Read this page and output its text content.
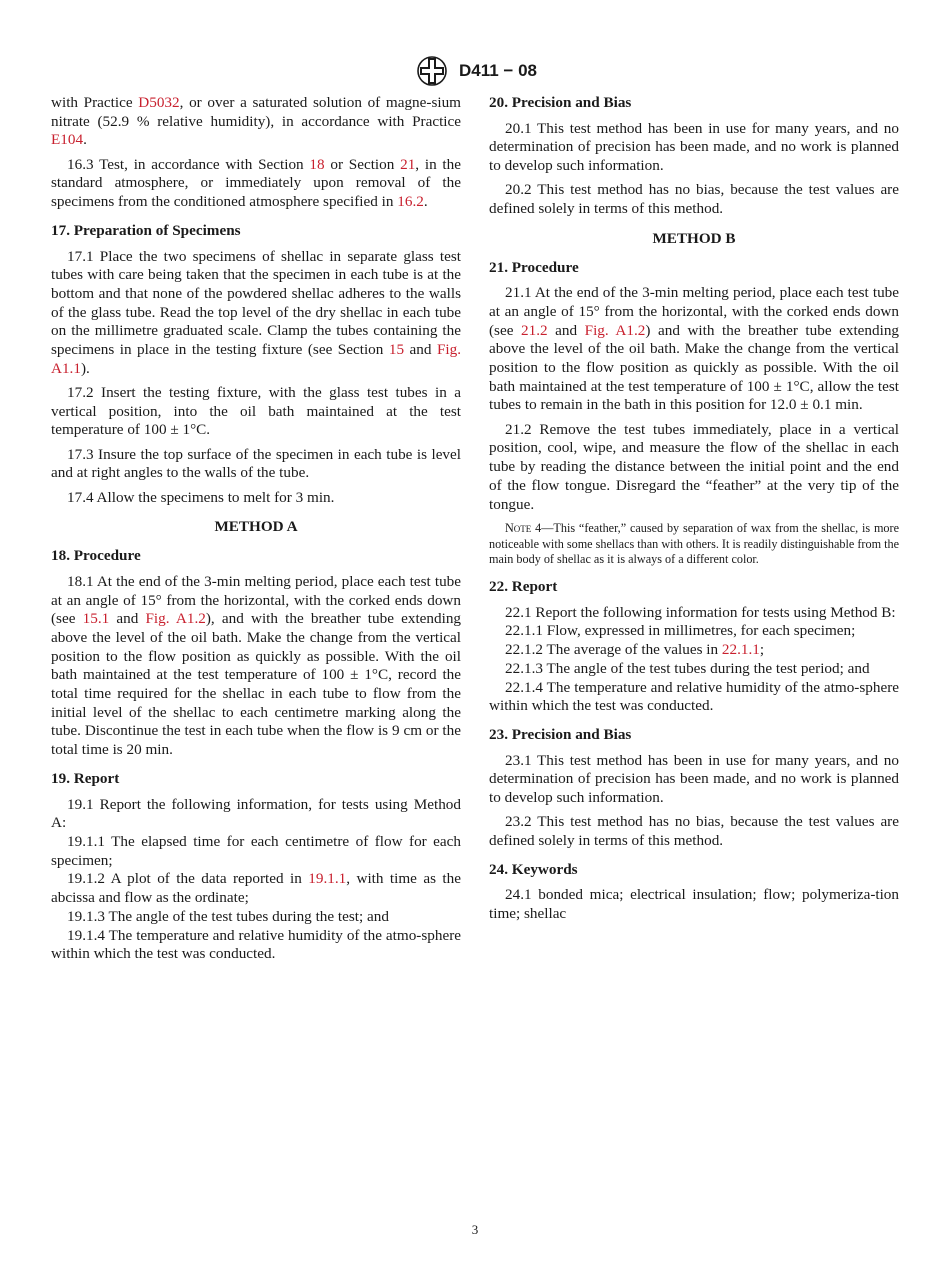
D411 − 08

with Practice D5032, or over a saturated solution of magne-sium nitrate (52.9 % relative humidity), in accordance with Practice E104.

16.3 Test, in accordance with Section 18 or Section 21, in the standard atmosphere, or immediately upon removal of the specimens from the conditioned atmosphere specified in 16.2.

17. Preparation of Specimens

17.1 Place the two specimens of shellac in separate glass test tubes with care being taken that the specimen in each tube is at the bottom and that none of the powdered shellac adheres to the walls of the glass tube. Read the top level of the dry shellac in each tube on the millimetre graduated scale. Clamp the tubes containing the specimens in place in the testing fixture (see Section 15 and Fig. A1.1).

17.2 Insert the testing fixture, with the glass test tubes in a vertical position, into the oil bath maintained at the test temperature of 100 ± 1°C.

17.3 Insure the top surface of the specimen in each tube is level and at right angles to the walls of the tube.

17.4 Allow the specimens to melt for 3 min.

METHOD A
18. Procedure

18.1 At the end of the 3-min melting period, place each test tube at an angle of 15° from the horizontal, with the corked ends down (see 15.1 and Fig. A1.2), and with the breather tube extending above the level of the oil bath. Make the change from the vertical position to the flow position as quickly as possible. With the oil bath maintained at the test temperature of 100 ± 1°C, record the total time required for the shellac in each tube to flow from the initial level of the shellac to each centimetre marking along the tube. Discontinue the test in each tube when the flow is 9 cm or the total time is 20 min.

19. Report

19.1 Report the following information, for tests using Method A:

19.1.1 The elapsed time for each centimetre of flow for each specimen;

19.1.2 A plot of the data reported in 19.1.1, with time as the abcissa and flow as the ordinate;

19.1.3 The angle of the test tubes during the test; and

19.1.4 The temperature and relative humidity of the atmo-sphere within which the test was conducted.

20. Precision and Bias

20.1 This test method has been in use for many years, and no determination of precision has been made, and no work is planned to develop such information.

20.2 This test method has no bias, because the test values are defined solely in terms of this method.

METHOD B
21. Procedure

21.1 At the end of the 3-min melting period, place each test tube at an angle of 15° from the horizontal, with the corked ends down (see 21.2 and Fig. A1.2) and with the breather tube extending above the level of the oil bath. Make the change from the vertical position to the flow position as quickly as possible. With the oil bath maintained at the test temperature of 100 ± 1°C, allow the test tubes to remain in the bath in this position for 12.0 ± 0.1 min.

21.2 Remove the test tubes immediately, place in a vertical position, cool, wipe, and measure the flow of the shellac in each tube by reading the distance between the initial point and the end of the flow tongue. Disregard the “feather” at the very tip of the tongue.

Note 4—This “feather,” caused by separation of wax from the shellac, is more noticeable with some shellacs than with others. It is readily distinguishable from the main body of shellac as it is always of a different color.

22. Report

22.1 Report the following information for tests using Method B:

22.1.1 Flow, expressed in millimetres, for each specimen;

22.1.2 The average of the values in 22.1.1;

22.1.3 The angle of the test tubes during the test period; and

22.1.4 The temperature and relative humidity of the atmo-sphere within which the test was conducted.

23. Precision and Bias

23.1 This test method has been in use for many years, and no determination of precision has been made, and no work is planned to develop such information.

23.2 This test method has no bias, because the test values are defined solely in terms of this method.

24. Keywords

24.1 bonded mica; electrical insulation; flow; polymeriza-tion time; shellac

3
